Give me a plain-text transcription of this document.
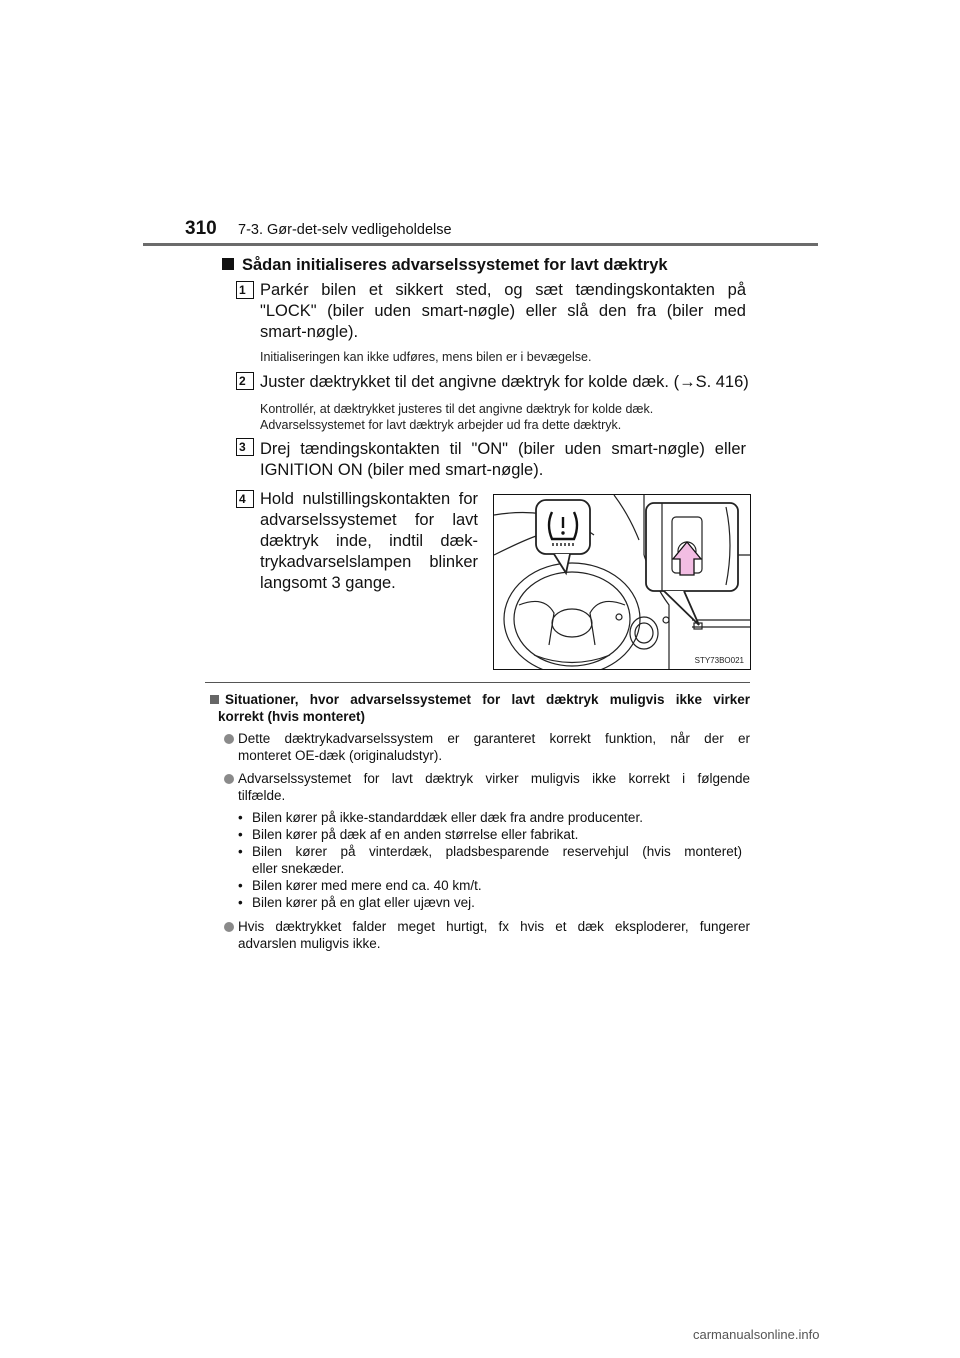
310 7-3. Gør-det-selv vedligeholdelse
Sådan initialiseres advarselssystemet for lavt dæktryk
1 Parkér bilen et sikkert sted, og sæt tændingskontakten på
"LOCK" (biler uden smart-nøgle) eller slå den fra (biler med
smart-nøgle).
Initialiseringen kan ikke udføres, mens bilen er i bevægelse.
2 Juster dæktrykket til det angivne dæktryk for kolde dæk. (→S. 416)
Kontrollér, at dæktrykket justeres til det angivne dæktryk for kolde dæk.
Advarselssystemet for lavt dæktryk arbejder ud fra dette dæktryk.
3 Drej tændingskontakten til "ON" (biler uden smart-nøgle) eller
IGNITION ON (biler med smart-nøgle).
4 Hold nulstillingskontakten for
advarselssystemet for lavt
dæktryk inde, indtil dæk-
trykadvarselslampen blinker
langsomt 3 gange.
STY73BO021
Situationer, hvor advarselssystemet for lavt dæktryk muligvis ikke virker
korrekt (hvis monteret)
Dette dæktrykadvarselssystem er garanteret korrekt funktion, når der er
monteret OE-dæk (originaludstyr).
Advarselssystemet for lavt dæktryk virker muligvis ikke korrekt i følgende
tilfælde.
• Bilen kører på ikke-standarddæk eller dæk fra andre producenter.
• Bilen kører på dæk af en anden størrelse eller fabrikat.
• Bilen kører på vinterdæk, pladsbesparende reservehjul (hvis monteret)
eller snekæder.
• Bilen kører med mere end ca. 40 km/t.
• Bilen kører på en glat eller ujævn vej.
Hvis dæktrykket falder meget hurtigt, fx hvis et dæk eksploderer, fungerer
advarslen muligvis ikke.
carmanualsonline.info
